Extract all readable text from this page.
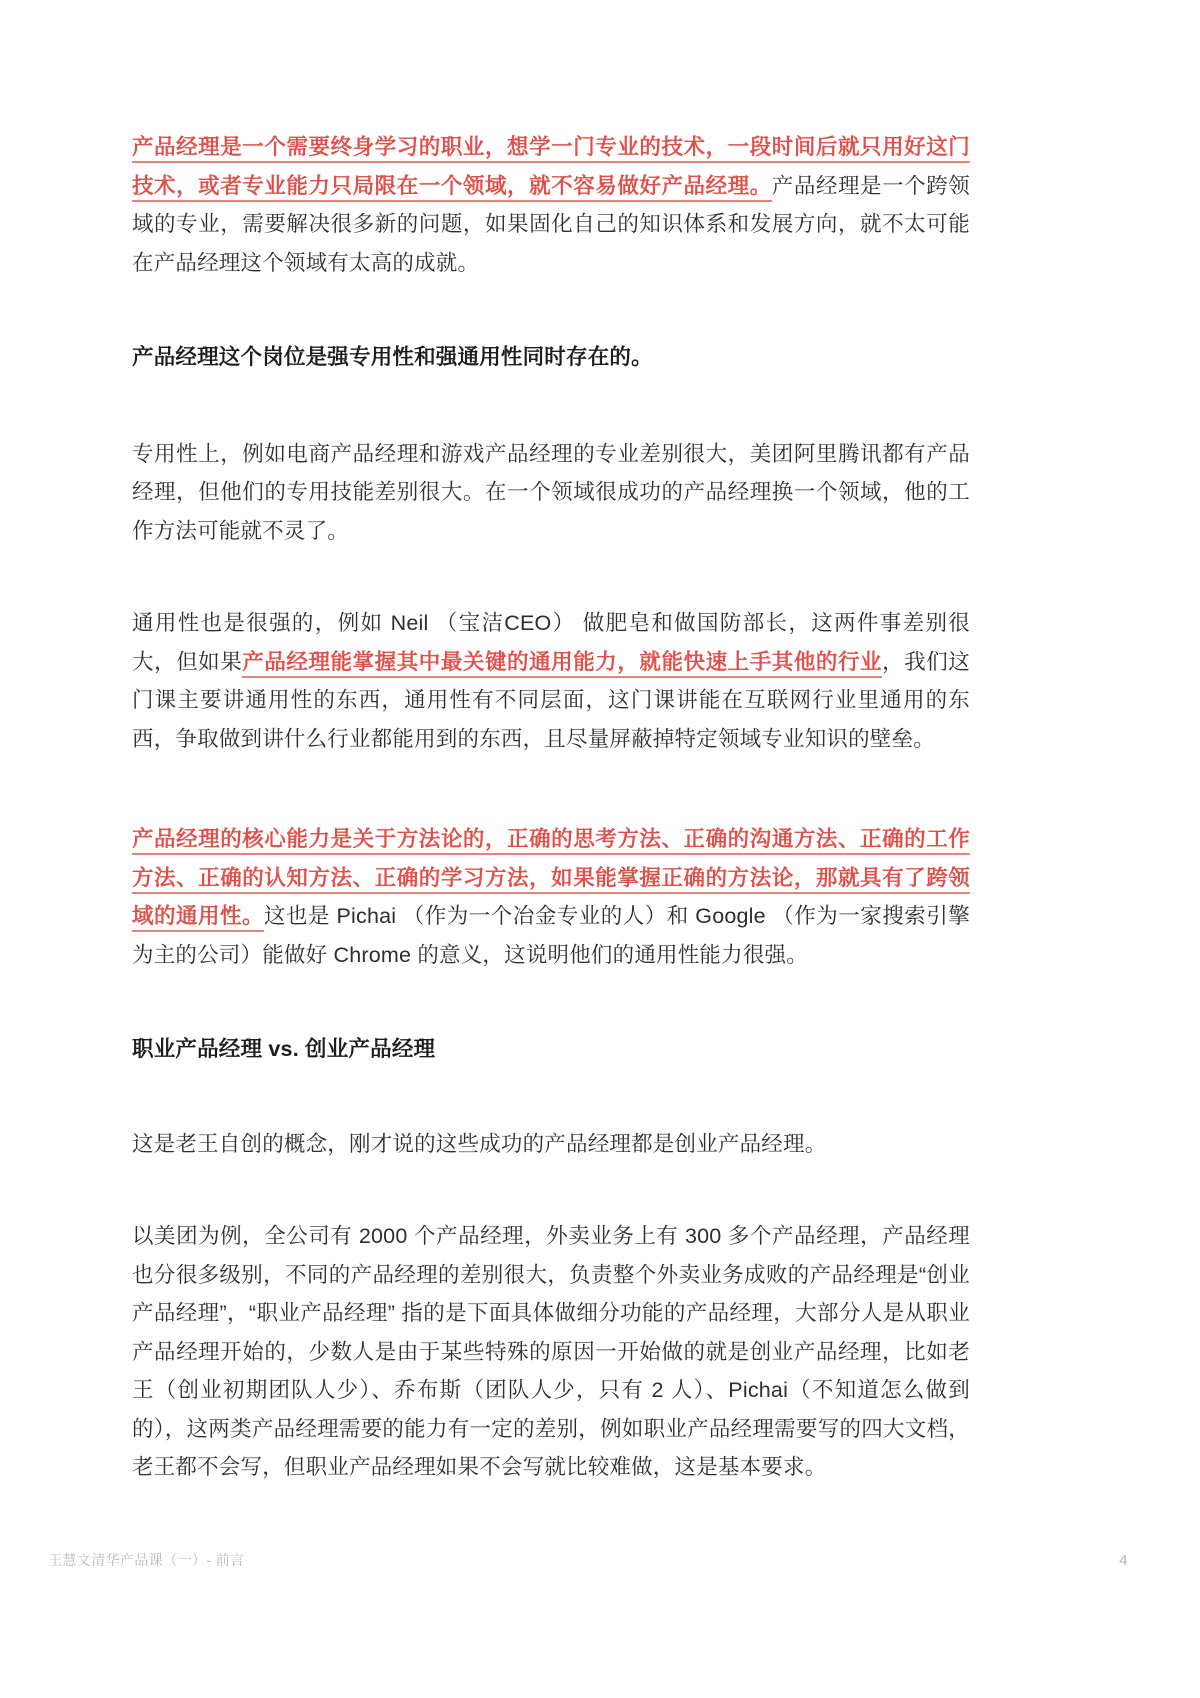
产品经理是一个需要终身学习的职业，想学一门专业的技术，一段时间后就只用好这门技术，或者专业能力只局限在一个领域，就不容易做好产品经理。产品经理是一个跨领域的专业，需要解决很多新的问题，如果固化自己的知识体系和发展方向，就不太可能在产品经理这个领域有太高的成就。

产品经理这个岗位是强专用性和强通用性同时存在的。

专用性上，例如电商产品经理和游戏产品经理的专业差别很大，美团阿里腾讯都有产品经理，但他们的专用技能差别很大。在一个领域很成功的产品经理换一个领域，他的工作方法可能就不灵了。

通用性也是很强的，例如 Neil （宝洁CEO） 做肥皂和做国防部长，这两件事差别很大，但如果产品经理能掌握其中最关键的通用能力，就能快速上手其他的行业，我们这门课主要讲通用性的东西，通用性有不同层面，这门课讲能在互联网行业里通用的东西，争取做到讲什么行业都能用到的东西，且尽量屏蔽掉特定领域专业知识的壁垒。

产品经理的核心能力是关于方法论的，正确的思考方法、正确的沟通方法、正确的工作方法、正确的认知方法、正确的学习方法，如果能掌握正确的方法论，那就具有了跨领域的通用性。这也是 Pichai （作为一个冶金专业的人）和 Google （作为一家搜索引擎为主的公司）能做好 Chrome 的意义，这说明他们的通用性能力很强。

职业产品经理 vs. 创业产品经理

这是老王自创的概念，刚才说的这些成功的产品经理都是创业产品经理。

以美团为例，全公司有 2000 个产品经理，外卖业务上有 300 多个产品经理，产品经理也分很多级别，不同的产品经理的差别很大，负责整个外卖业务成败的产品经理是“创业产品经理”，“职业产品经理” 指的是下面具体做细分功能的产品经理，大部分人是从职业产品经理开始的，少数人是由于某些特殊的原因一开始做的就是创业产品经理，比如老王（创业初期团队人少）、乔布斯（团队人少，只有 2 人）、Pichai（不知道怎么做到的），这两类产品经理需要的能力有一定的差别，例如职业产品经理需要写的四大文档，老王都不会写，但职业产品经理如果不会写就比较难做，这是基本要求。

王慧文清华产品课（一）- 前言	4
